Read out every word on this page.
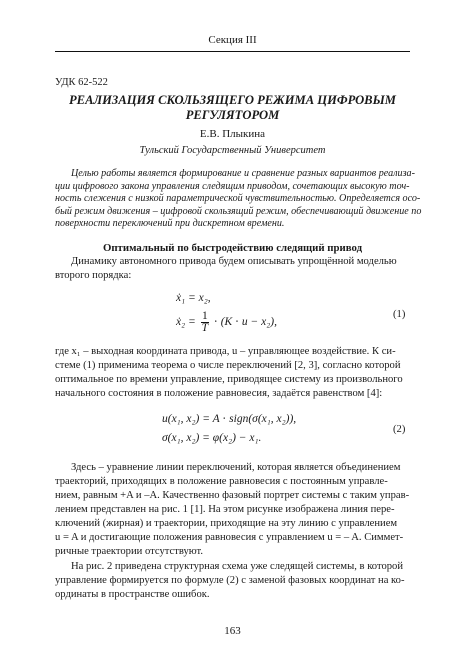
Секция III
УДК 62-522
РЕАЛИЗАЦИЯ СКОЛЬЗЯЩЕГО РЕЖИМА ЦИФРОВЫМ
РЕГУЛЯТОРОМ
Е.В. Плыкина
Тульский Государственный Университет
Целью работы является формирование и сравнение разных вариантов реализа-
ции цифрового закона управления следящим приводом, сочетающих высокую точ-
ность слежения с низкой параметрической чувствительностью. Определяется осо-
бый режим движения – цифровой скользящий режим, обеспечивающий движение по
поверхности переключений при дискретном времени.
Оптимальный по быстродействию следящий привод
Динамику автономного привода будем описывать упрощённой моделью
второго порядка:
ẋ₁ = x₂,
ẋ₂ = $\frac{1}{T} \cdot (K \cdot u - x_2)$,
(1)
где x₁ – выходная координата привода, u – управляющее воздействие. К си-
стеме (1) применима теорема о числе переключений [2, 3], согласно которой
оптимальное по времени управление, приводящее систему из произвольного
начального состояния в положение равновесия, задаётся равенством [4]:
u(x₁, x₂) = A ⋅ sign(σ(x₁, x₂)),
σ(x₁, x₂) = φ(x₂) − x₁.
(2)
Здесь – уравнение линии переключений, которая является объединением
траекторий, приходящих в положение равновесия с постоянным управле-
нием, равным +A и –A. Качественно фазовый портрет системы с таким управ-
лением представлен на рис. 1 [1]. На этом рисунке изображена линия пере-
ключений (жирная) и траектории, приходящие на эту линию с управлением
u = A и достигающие положения равновесия с управлением u = – A. Симмет-
ричные траектории отсутствуют.
На рис. 2 приведена структурная схема уже следящей системы, в которой
управление формируется по формуле (2) с заменой фазовых координат на ко-
ординаты в пространстве ошибок.
163
